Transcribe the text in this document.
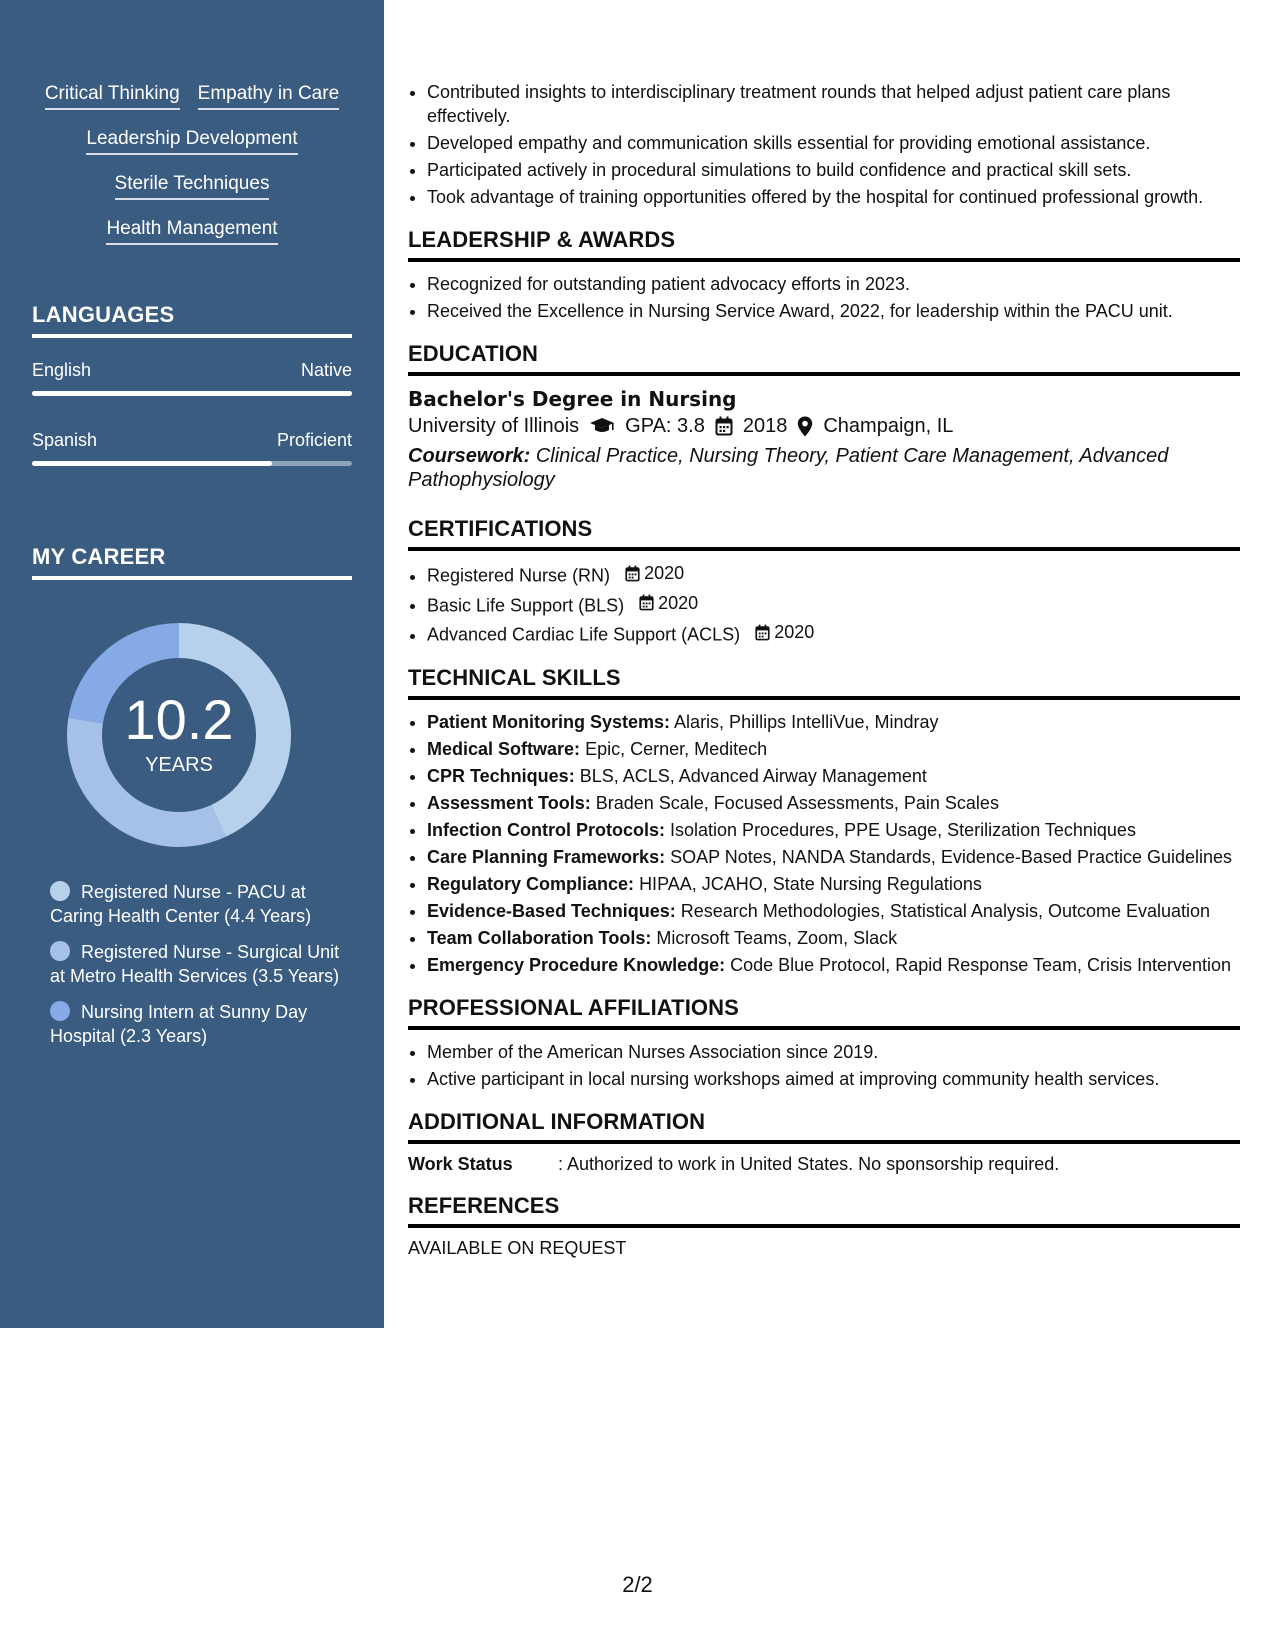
Critical Thinking Empathy in Care
Leadership Development
Sterile Techniques
Health Management
LANGUAGES
English	Native
Spanish	Proficient
MY CAREER
10.2
YEARS
Registered Nurse - PACU at Caring Health Center (4.4 Years)
Registered Nurse - Surgical Unit at Metro Health Services (3.5 Years)
Nursing Intern at Sunny Day Hospital (2.3 Years)
• Contributed insights to interdisciplinary treatment rounds that helped adjust patient care plans effectively.
• Developed empathy and communication skills essential for providing emotional assistance.
• Participated actively in procedural simulations to build confidence and practical skill sets.
• Took advantage of training opportunities offered by the hospital for continued professional growth.
LEADERSHIP & AWARDS
• Recognized for outstanding patient advocacy efforts in 2023.
• Received the Excellence in Nursing Service Award, 2022, for leadership within the PACU unit.
EDUCATION
Bachelor's Degree in Nursing
University of Illinois GPA: 3.8 2018 Champaign, IL
Coursework: Clinical Practice, Nursing Theory, Patient Care Management, Advanced Pathophysiology
CERTIFICATIONS
• Registered Nurse (RN) 2020
• Basic Life Support (BLS) 2020
• Advanced Cardiac Life Support (ACLS) 2020
TECHNICAL SKILLS
• Patient Monitoring Systems: Alaris, Phillips IntelliVue, Mindray
• Medical Software: Epic, Cerner, Meditech
• CPR Techniques: BLS, ACLS, Advanced Airway Management
• Assessment Tools: Braden Scale, Focused Assessments, Pain Scales
• Infection Control Protocols: Isolation Procedures, PPE Usage, Sterilization Techniques
• Care Planning Frameworks: SOAP Notes, NANDA Standards, Evidence-Based Practice Guidelines
• Regulatory Compliance: HIPAA, JCAHO, State Nursing Regulations
• Evidence-Based Techniques: Research Methodologies, Statistical Analysis, Outcome Evaluation
• Team Collaboration Tools: Microsoft Teams, Zoom, Slack
• Emergency Procedure Knowledge: Code Blue Protocol, Rapid Response Team, Crisis Intervention
PROFESSIONAL AFFILIATIONS
• Member of the American Nurses Association since 2019.
• Active participant in local nursing workshops aimed at improving community health services.
ADDITIONAL INFORMATION
Work Status	: Authorized to work in United States. No sponsorship required.
REFERENCES
AVAILABLE ON REQUEST
2/2
